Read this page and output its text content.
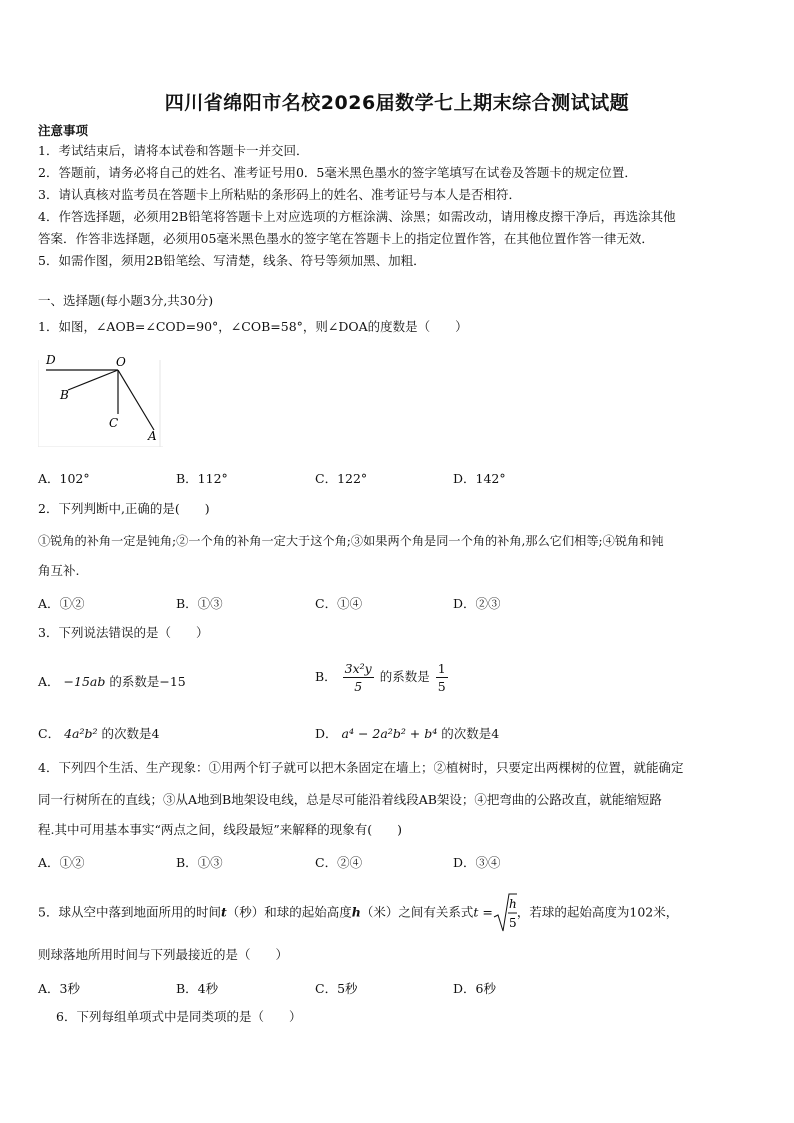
四川省绵阳市名校2026届数学七上期末综合测试试题
注意事项
1．考试结束后，请将本试卷和答题卡一并交回．
2．答题前，请务必将自己的姓名、准考证号用0．5毫米黑色墨水的签字笔填写在试卷及答题卡的规定位置．
3．请认真核对监考员在答题卡上所粘贴的条形码上的姓名、准考证号与本人是否相符．
4．作答选择题，必须用2B铅笔将答题卡上对应选项的方框涂满、涂黑；如需改动，请用橡皮擦干净后，再选涂其他
答案．作答非选择题，必须用05毫米黑色墨水的签字笔在答题卡上的指定位置作答，在其他位置作答一律无效．
5．如需作图，须用2B铅笔绘、写清楚，线条、符号等须加黑、加粗．
一、选择题(每小题3分,共30分)
1．如图，∠AOB=∠COD=90°，∠COB=58°，则∠DOA的度数是（　　）
D	O
B
C
A
A．102°	B．112°	C．122°	D．142°
2．下列判断中,正确的是(　　)
①锐角的补角一定是钝角;②一个角的补角一定大于这个角;③如果两个角是同一个角的补角,那么它们相等;④锐角和钝
角互补.
A．①②	B．①③	C．①④	D．②③
3．下列说法错误的是（　　）
A． −15ab 的系数是−15	B． $\frac{\text{3x²y}}{5}$ 的系数是 $\frac{1}{5}$
C． 4a²b² 的次数是4	D． a⁴ − 2a²b² + b⁴ 的次数是4
4．下列四个生活、生产现象：①用两个钉子就可以把木条固定在墙上；②植树时，只要定出两棵树的位置，就能确定
同一行树所在的直线；③从A地到B地架设电线，总是尽可能沿着线段AB架设；④把弯曲的公路改直，就能缩短路
程.其中可用基本事实“两点之间，线段最短”来解释的现象有(　　)
A．①②	B．①③	C．②④	D．③④
5．球从空中落到地面所用的时间t（秒）和球的起始高度h（米）之间有关系式t =
h
5
，若球的起始高度为102米，
则球落地所用时间与下列最接近的是（　　）
A．3秒	B．4秒	C．5秒	D．6秒
6．下列每组单项式中是同类项的是（　　）
